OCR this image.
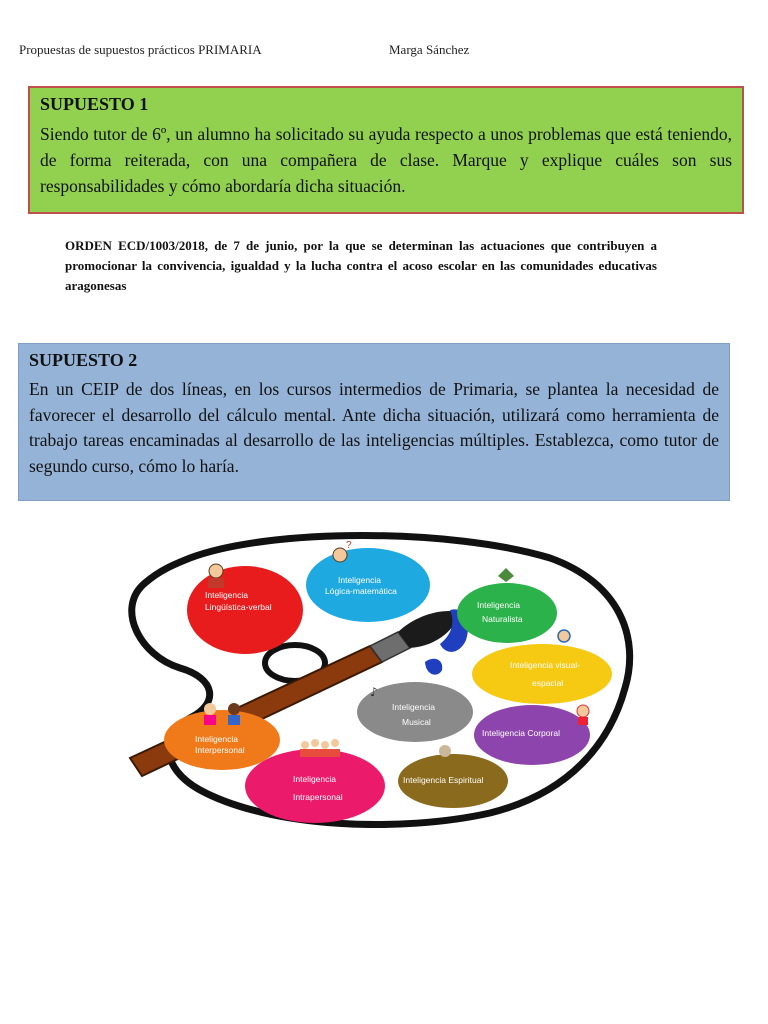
Propuestas de supuestos prácticos PRIMARIA	Marga Sánchez
SUPUESTO 1

Siendo tutor de 6º, un alumno ha solicitado su ayuda respecto a unos problemas que está teniendo, de forma reiterada, con una compañera de clase. Marque y explique cuáles son sus responsabilidades y cómo abordaría dicha situación.

ORDEN ECD/1003/2018, de 7 de junio, por la que se determinan las actuaciones que contribuyen a promocionar la convivencia, igualdad y la lucha contra el acoso escolar en las comunidades educativas aragonesas
SUPUESTO 2

En un CEIP de dos líneas, en los cursos intermedios de Primaria, se plantea la necesidad de favorecer el desarrollo del cálculo mental. Ante dicha situación, utilizará como herramienta de trabajo tareas encaminadas al desarrollo de las inteligencias múltiples. Establezca, como tutor de segundo curso, cómo lo haría.

Inteligencia
Lingüística-verbal
Inteligencia
Lógica-matemática
Inteligencia
Naturalista
Inteligencia visual-
espacial
Inteligencia
Musical
Inteligencia Corporal
Inteligencia
Interpersonal
Inteligencia
Intrapersonal
Inteligencia Espiritual
?
♪
